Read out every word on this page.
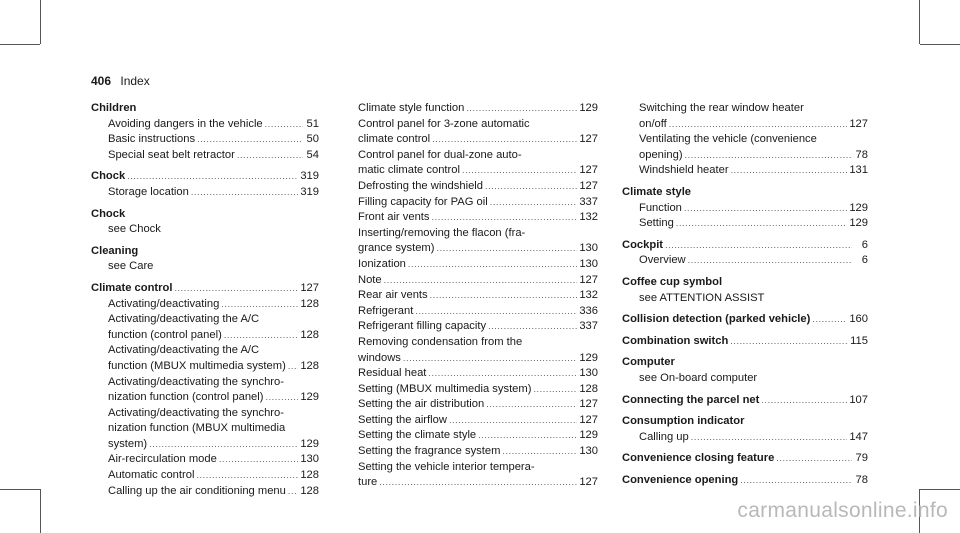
406 Index
Children
Avoiding dangers in the vehicle .....	51
Basic instructions .....	50
Special seat belt retractor .....	54
Chock .....	319
Storage location .....	319
Chock
see Chock
Cleaning
see Care
Climate control .....	127
Activating/deactivating .....	128
Activating/deactivating the A/C
function (control panel) .....	128
Activating/deactivating the A/C
function (MBUX multimedia system) ..... 128
Activating/deactivating the synchro-
nization function (control panel) .....	129
Activating/deactivating the synchro-
nization function (MBUX multimedia
system) .....	129
Air-recirculation mode .....	130
Automatic control .....	128
Calling up the air conditioning menu ..... 128
Climate style function .....	129
Control panel for 3-zone automatic
climate control .....	127
Control panel for dual-zone auto-
matic climate control .....	127
Defrosting the windshield .....	127
Filling capacity for PAG oil .....	337
Front air vents .....	132
Inserting/removing the flacon (fra-
grance system) .....	130
Ionization .....	130
Note .....	127
Rear air vents .....	132
Refrigerant .....	336
Refrigerant filling capacity .....	337
Removing condensation from the
windows .....	129
Residual heat .....	130
Setting (MBUX multimedia system) .....	128
Setting the air distribution .....	127
Setting the airflow .....	127
Setting the climate style .....	129
Setting the fragrance system .....	130
Setting the vehicle interior tempera-
ture .....	127
Switching the rear window heater
on/off .....	127
Ventilating the vehicle (convenience
opening) .....	78
Windshield heater .....	131
Climate style
Function .....	129
Setting .....	129
Cockpit .....	6
Overview .....	6
Coffee cup symbol
see ATTENTION ASSIST
Collision detection (parked vehicle) .....	160
Combination switch .....	115
Computer
see On-board computer
Connecting the parcel net .....	107
Consumption indicator
Calling up .....	147
Convenience closing feature .....	79
Convenience opening .....	78
carmanualsonline.info
